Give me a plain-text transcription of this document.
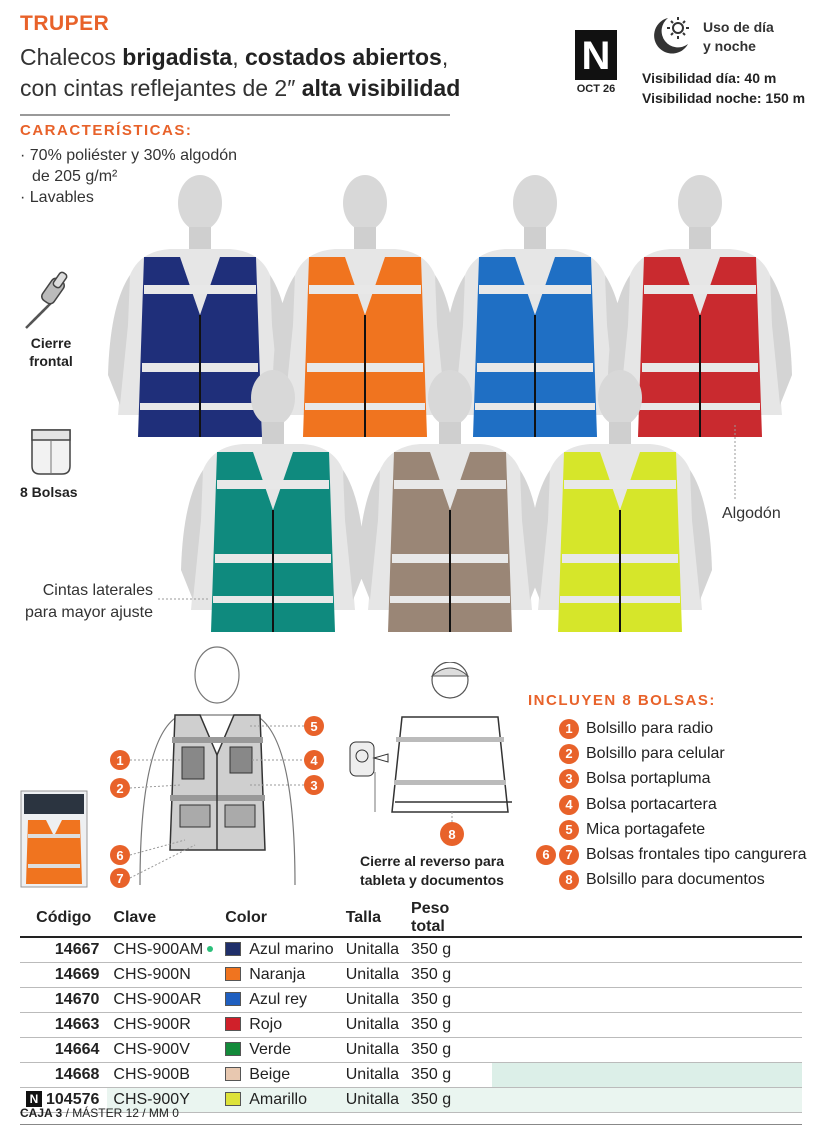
TRUPER
Chalecos brigadista, costados abiertos,
con cintas reflejantes de 2″ alta visibilidad
N
OCT 26
Uso de día
y noche
Visibilidad día: 40 m
Visibilidad noche: 150 m
CARACTERÍSTICAS:
· 70% poliéster y 30% algodón
de 205 g/m²
· Lavables
Cierre
frontal
8 Bolsas
Algodón
Cintas laterales
para mayor ajuste
1
2	3
4
5
6
7
8
Cierre al reverso para
tableta y documentos
INCLUYEN 8 BOLSAS:
1 Bolsillo para radio
2 Bolsillo para celular
3 Bolsa portapluma
4 Bolsa portacartera
5 Mica portagafete
6	7 Bolsas frontales tipo cangurera
8 Bolsillo para documentos
Código	Clave	Color	Talla	Peso total	
14667	CHS-900AM	Azul marino	Unitalla	350 g	
14669	CHS-900N	Naranja	Unitalla	350 g	
14670	CHS-900AR	Azul rey	Unitalla	350 g	
14663	CHS-900R	Rojo	Unitalla	350 g	
14664	CHS-900V	Verde	Unitalla	350 g	
14668	CHS-900B	Beige	Unitalla	350 g	
N 104576	CHS-900Y	Amarillo	Unitalla	350 g	
CAJA 3 / MÁSTER 12 / MM 0
